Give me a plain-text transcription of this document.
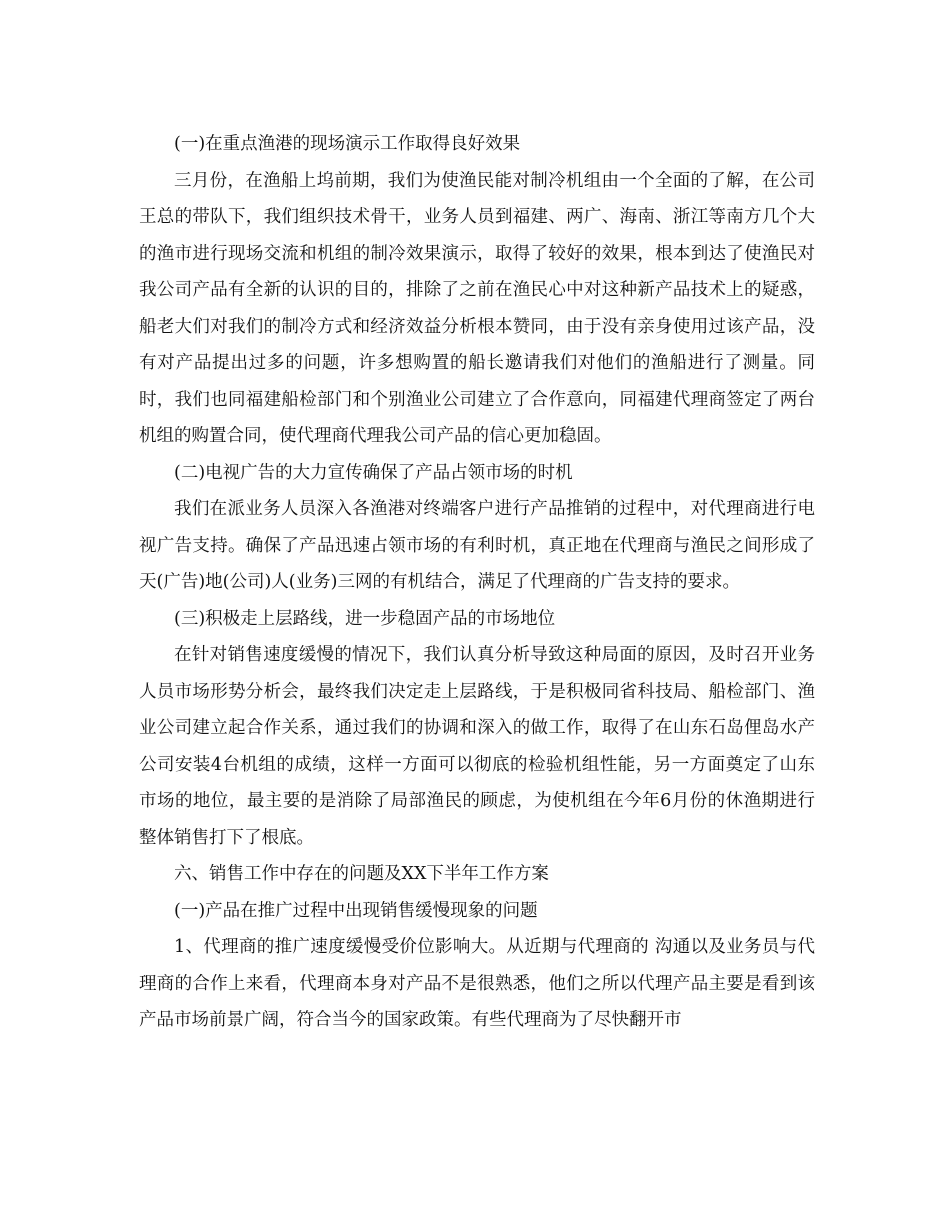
(一)在重点渔港的现场演示工作取得良好效果

三月份，在渔船上坞前期，我们为使渔民能对制冷机组由一个全面的了解，在公司王总的带队下，我们组织技术骨干，业务人员到福建、两广、海南、浙江等南方几个大的渔市进行现场交流和机组的制冷效果演示，取得了较好的效果，根本到达了使渔民对我公司产品有全新的认识的目的，排除了之前在渔民心中对这种新产品技术上的疑惑，船老大们对我们的制冷方式和经济效益分析根本赞同，由于没有亲身使用过该产品，没有对产品提出过多的问题，许多想购置的船长邀请我们对他们的渔船进行了测量。同时，我们也同福建船检部门和个别渔业公司建立了合作意向，同福建代理商签定了两台机组的购置合同，使代理商代理我公司产品的信心更加稳固。

(二)电视广告的大力宣传确保了产品占领市场的时机

我们在派业务人员深入各渔港对终端客户进行产品推销的过程中，对代理商进行电视广告支持。确保了产品迅速占领市场的有利时机，真正地在代理商与渔民之间形成了天(广告)地(公司)人(业务)三网的有机结合，满足了代理商的广告支持的要求。

(三)积极走上层路线，进一步稳固产品的市场地位

在针对销售速度缓慢的情况下，我们认真分析导致这种局面的原因，及时召开业务人员市场形势分析会，最终我们决定走上层路线，于是积极同省科技局、船检部门、渔业公司建立起合作关系，通过我们的协调和深入的做工作，取得了在山东石岛俚岛水产公司安装4台机组的成绩，这样一方面可以彻底的检验机组性能，另一方面奠定了山东市场的地位，最主要的是消除了局部渔民的顾虑，为使机组在今年6月份的休渔期进行整体销售打下了根底。

六、销售工作中存在的问题及XX下半年工作方案

(一)产品在推广过程中出现销售缓慢现象的问题

1、代理商的推广速度缓慢受价位影响大。从近期与代理商的 沟通以及业务员与代理商的合作上来看，代理商本身对产品不是很熟悉，他们之所以代理产品主要是看到该产品市场前景广阔，符合当今的国家政策。有些代理商为了尽快翻开市
